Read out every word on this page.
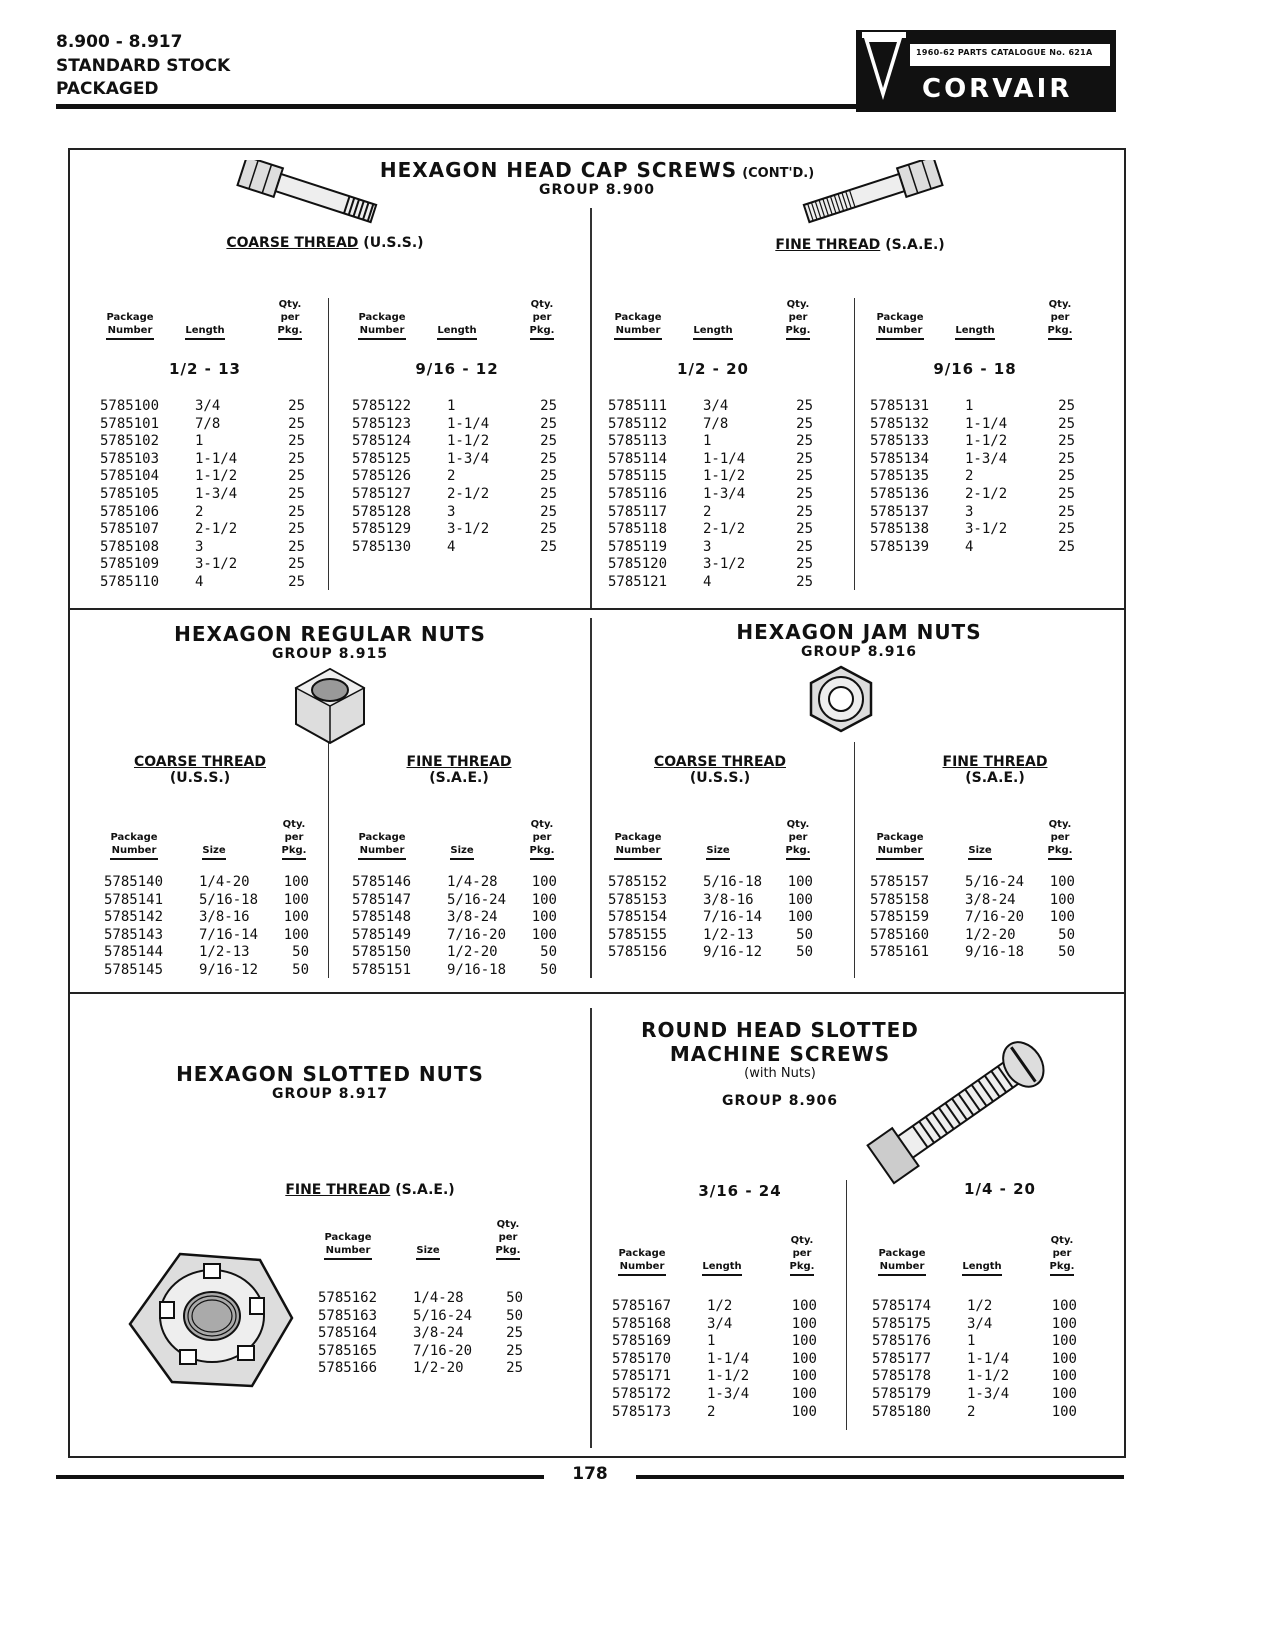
8.900 - 8.917
STANDARD STOCK
PACKAGED
1960-62 PARTS CATALOGUE No. 621A
CORVAIR
HEXAGON HEAD CAP SCREWS (CONT'D.)
GROUP 8.900
COARSE THREAD (U.S.S.)	FINE THREAD (S.A.E.)
Package
Number	Length
Qty.
per
Pkg.
1/2 - 13
Package
Number	Length
Qty.
per
Pkg.
9/16 - 12
Package
Number	Length
Qty.
per
Pkg.
1/2 - 20
Package
Number	Length
Qty.
per
Pkg.
9/16 - 18
5785100	3/4	25
5785101	7/8	25
5785102	1	25
5785103	1-1/4	25
5785104	1-1/2	25
5785105	1-3/4	25
5785106	2	25
5785107	2-1/2	25
5785108	3	25
5785109	3-1/2	25
5785110	4	25
5785122	1	25
5785123	1-1/4	25
5785124	1-1/2	25
5785125	1-3/4	25
5785126	2	25
5785127	2-1/2	25
5785128	3	25
5785129	3-1/2	25
5785130	4	25
5785111	3/4	25
5785112	7/8	25
5785113	1	25
5785114	1-1/4	25
5785115	1-1/2	25
5785116	1-3/4	25
5785117	2	25
5785118	2-1/2	25
5785119	3	25
5785120	3-1/2	25
5785121	4	25
5785131	1	25
5785132	1-1/4	25
5785133	1-1/2	25
5785134	1-3/4	25
5785135	2	25
5785136	2-1/2	25
5785137	3	25
5785138	3-1/2	25
5785139	4	25
HEXAGON REGULAR NUTS
GROUP 8.915
HEXAGON JAM NUTS
GROUP 8.916
COARSE THREAD
(U.S.S.)
FINE THREAD
(S.A.E.)
COARSE THREAD
(U.S.S.)
FINE THREAD
(S.A.E.)
Package
Number	Size
Qty.
per
Pkg.
Package
Number	Size
Qty.
per
Pkg.
Package
Number	Size
Qty.
per
Pkg.
Package
Number	Size
Qty.
per
Pkg.
5785140	1/4-20	100
5785141	5/16-18	100
5785142	3/8-16	100
5785143	7/16-14	100
5785144	1/2-13	50
5785145	9/16-12	50
5785146	1/4-28	100
5785147	5/16-24	100
5785148	3/8-24	100
5785149	7/16-20	100
5785150	1/2-20	50
5785151	9/16-18	50
5785152	5/16-18	100
5785153	3/8-16	100
5785154	7/16-14	100
5785155	1/2-13	50
5785156	9/16-12	50
5785157	5/16-24	100
5785158	3/8-24	100
5785159	7/16-20	100
5785160	1/2-20	50
5785161	9/16-18	50
HEXAGON SLOTTED NUTS
GROUP 8.917
FINE THREAD (S.A.E.)
Package
Number	Size
Qty.
per
Pkg.
5785162	1/4-28	50
5785163	5/16-24	50
5785164	3/8-24	25
5785165	7/16-20	25
5785166	1/2-20	25
ROUND HEAD SLOTTED
MACHINE SCREWS
(with Nuts)
GROUP 8.906
3/16 - 24	1/4 - 20
Package
Number	Length
Qty.
per
Pkg.
Package
Number	Length
Qty.
per
Pkg.
5785167	1/2	100
5785168	3/4	100
5785169	1	100
5785170	1-1/4	100
5785171	1-1/2	100
5785172	1-3/4	100
5785173	2	100
5785174	1/2	100
5785175	3/4	100
5785176	1	100
5785177	1-1/4	100
5785178	1-1/2	100
5785179	1-3/4	100
5785180	2	100
178
